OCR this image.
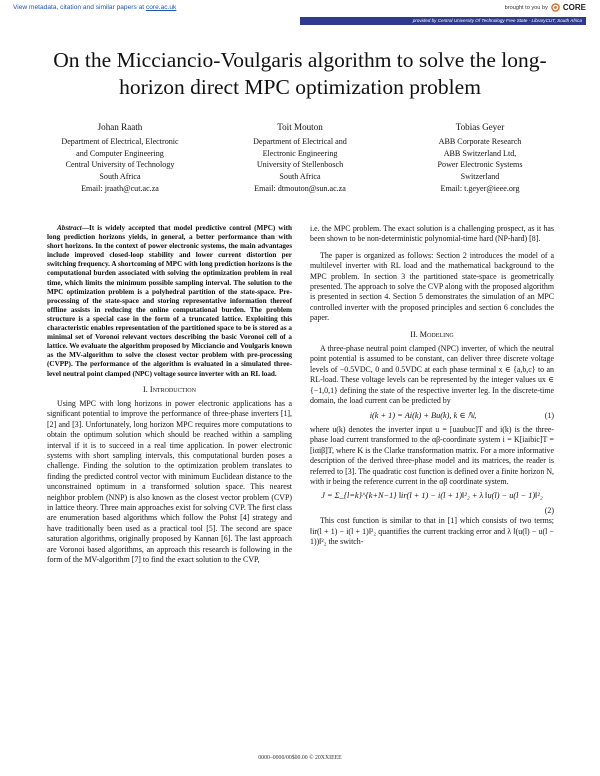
View metadata, citation and similar papers at core.ac.uk	brought to you by CORE
provided by Central University Of Technology Free State - LibraryCUT, South Africa
On the Micciancio-Voulgaris algorithm to solve the long-horizon direct MPC optimization problem
Johan Raath
Department of Electrical, Electronic
and Computer Engineering
Central University of Technology
South Africa
Email: jraath@cut.ac.za
Toit Mouton
Department of Electrical and
Electronic Engineering
University of Stellenbosch
South Africa
Email: dtmouton@sun.ac.za
Tobias Geyer
ABB Corporate Research
ABB Switzerland Ltd,
Power Electronic Systems
Switzerland
Email: t.geyer@ieee.org

Abstract—It is widely accepted that model predictive control (MPC) with long prediction horizons yields, in general, a better performance than with short horizons. In the context of power electronic systems, the main advantages include improved closed-loop stability and lower current distortion per switching frequency. A shortcoming of MPC with long prediction horizons is the computational burden associated with solving the optimization problem in real time, which limits the minimum possible sampling interval. The solution to the MPC optimization problem is a polyhedral partition of the state-space. Pre-processing of the state-space and storing representative information thereof offline assists in reducing the online computational burden. The problem structure is a special case in the form of a truncated lattice. Exploiting this characteristic enables representation of the partitioned space to be is stored as a minimal set of Voronoi relevant vectors describing the basic Voronoi cell of a lattice. We evaluate the algorithm proposed by Micciancio and Voulgaris known as the MV-algorithm to solve the closest vector problem with pre-processing (CVPP). The performance of the algorithm is evaluated in a simulated three-level neutral point clamped (NPC) voltage source inverter with an RL load.

I. Introduction

Using MPC with long horizons in power electronic applications has a significant potential to improve the performance of three-phase inverters [1], [2] and [3]. Unfortunately, long horizon MPC requires more computations to obtain the optimum solution which should be reached within a sampling interval if it is to succeed in a real time application. In power electronic systems with short sampling intervals, this computational burden poses a challenge. Finding the solution to the optimization problem translates to finding the predicted control vector with minimum Euclidean distance to the unconstrained optimum in a transformed solution space. This nearest neighbor problem (NNP) is also known as the closest vector problem (CVP) in lattice theory. Three main approaches exist for solving CVP. The first class are enumeration based algorithms which follow the Pohst [4] strategy and have traditionally been used as a practical tool [5]. The second are space saturation algorithms, originally proposed by Kannan [6]. The last approach are Voronoi based algorithms, an approach this research is following in the form of the MV-algorithm [7] to find the exact solution to the CVP,

i.e. the MPC problem. The exact solution is a challenging prospect, as it has been shown to be non-deterministic polynomial-time hard (NP-hard) [8].

The paper is organized as follows: Section 2 introduces the model of a multilevel inverter with RL load and the mathematical background to the MPC problem. In section 3 the partitioned state-space is geometrically presented. The approach to solve the CVP along with the proposed algorithm is presented in section 4. Section 5 demonstrates the simulation of an MPC controlled inverter with the proposed principles and section 6 concludes the paper.

II. Modeling

A three-phase neutral point clamped (NPC) inverter, of which the neutral point potential is assumed to be constant, can deliver three discrete voltage levels of −0.5VDC, 0 and 0.5VDC at each phase terminal x ∈ {a,b,c} to an RL-load. These voltage levels can be represented by the integer values ux ∈ {−1,0,1} defining the state of the respective inverter leg. In the discrete-time domain, the load current can be predicted by

i(k + 1) = Ai(k) + Bu(k), k ∈ ℕ,	(1)

where u(k) denotes the inverter input u = [uaubuc]T and i(k) is the three-phase load current transformed to the αβ-coordinate system i = K[iaibic]T = [iαiβ]T, where K is the Clarke transformation matrix. For a more informative description of the derived three-phase model and its matrices, the reader is referred to [3]. The quadratic cost function is defined over a finite horizon N, with ir being the reference current in the αβ coordinate system.

J = Σ_{l=k}^{k+N−1} ‖ir(l + 1) − i(l + 1)‖²₂ + λ ‖u(l) − u(l − 1)‖²₂
(2)

This cost function is similar to that in [1] which consists of two terms; ‖ir(l + 1) − i(l + 1)‖²₂ quantifies the current tracking error and λ ‖(u(l) − u(l − 1))‖²₂ the switch-

0000–0000/00$00.00 © 20XXIEEE
